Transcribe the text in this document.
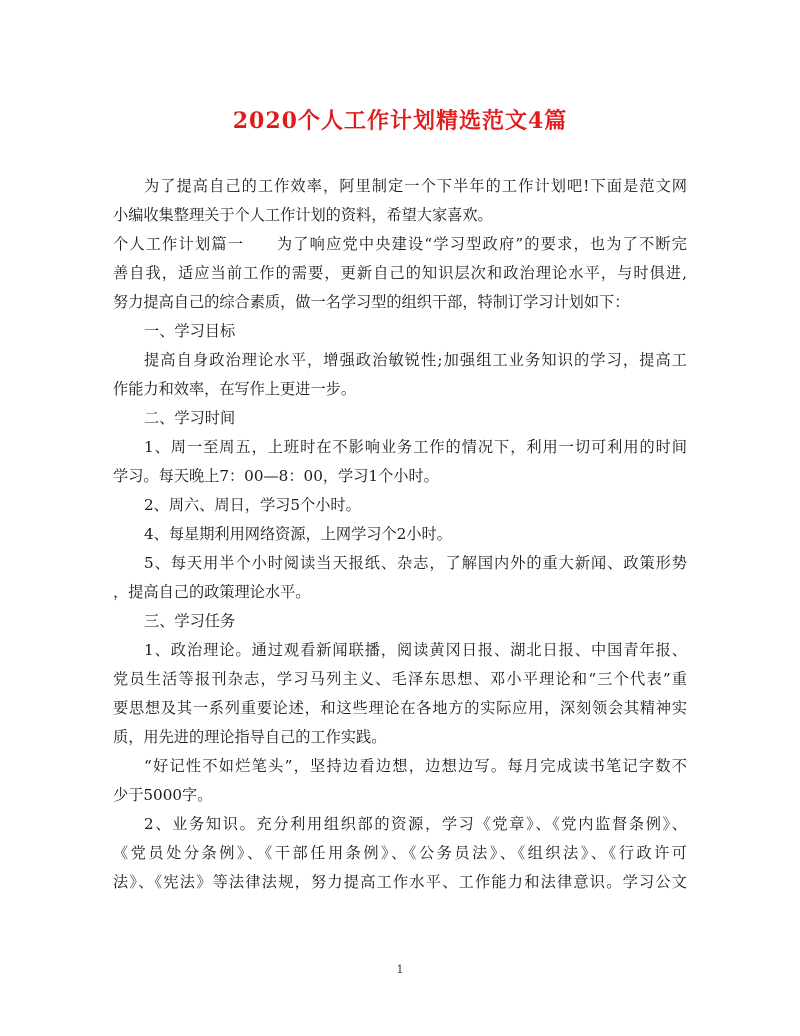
2020个人工作计划精选范文4篇
为了提高自己的工作效率，阿里制定一个下半年的工作计划吧!下面是范文网
小编收集整理关于个人工作计划的资料，希望大家喜欢。
个人工作计划篇一　　为了响应党中央建设“学习型政府”的要求，也为了不断完
善自我，适应当前工作的需要，更新自己的知识层次和政治理论水平，与时俱进,
努力提高自己的综合素质，做一名学习型的组织干部，特制订学习计划如下：
一、学习目标
提高自身政治理论水平，增强政治敏锐性;加强组工业务知识的学习，提高工
作能力和效率，在写作上更进一步。
二、学习时间
1、周一至周五，上班时在不影响业务工作的情况下，利用一切可利用的时间
学习。每天晚上7：00—8：00，学习1个小时。
2、周六、周日，学习5个小时。
4、每星期利用网络资源，上网学习个2小时。
5、每天用半个小时阅读当天报纸、杂志，了解国内外的重大新闻、政策形势
，提高自己的政策理论水平。
三、学习任务
1、政治理论。通过观看新闻联播，阅读黄冈日报、湖北日报、中国青年报、
党员生活等报刊杂志，学习马列主义、毛泽东思想、邓小平理论和“三个代表”重
要思想及其一系列重要论述，和这些理论在各地方的实际应用，深刻领会其精神实
质，用先进的理论指导自己的工作实践。
“好记性不如烂笔头”，坚持边看边想，边想边写。每月完成读书笔记字数不
少于5000字。
2、业务知识。充分利用组织部的资源，学习《党章》、《党内监督条例》、
《党员处分条例》、《干部任用条例》、《公务员法》、《组织法》、《行政许可
法》、《宪法》等法律法规，努力提高工作水平、工作能力和法律意识。学习公文
1
